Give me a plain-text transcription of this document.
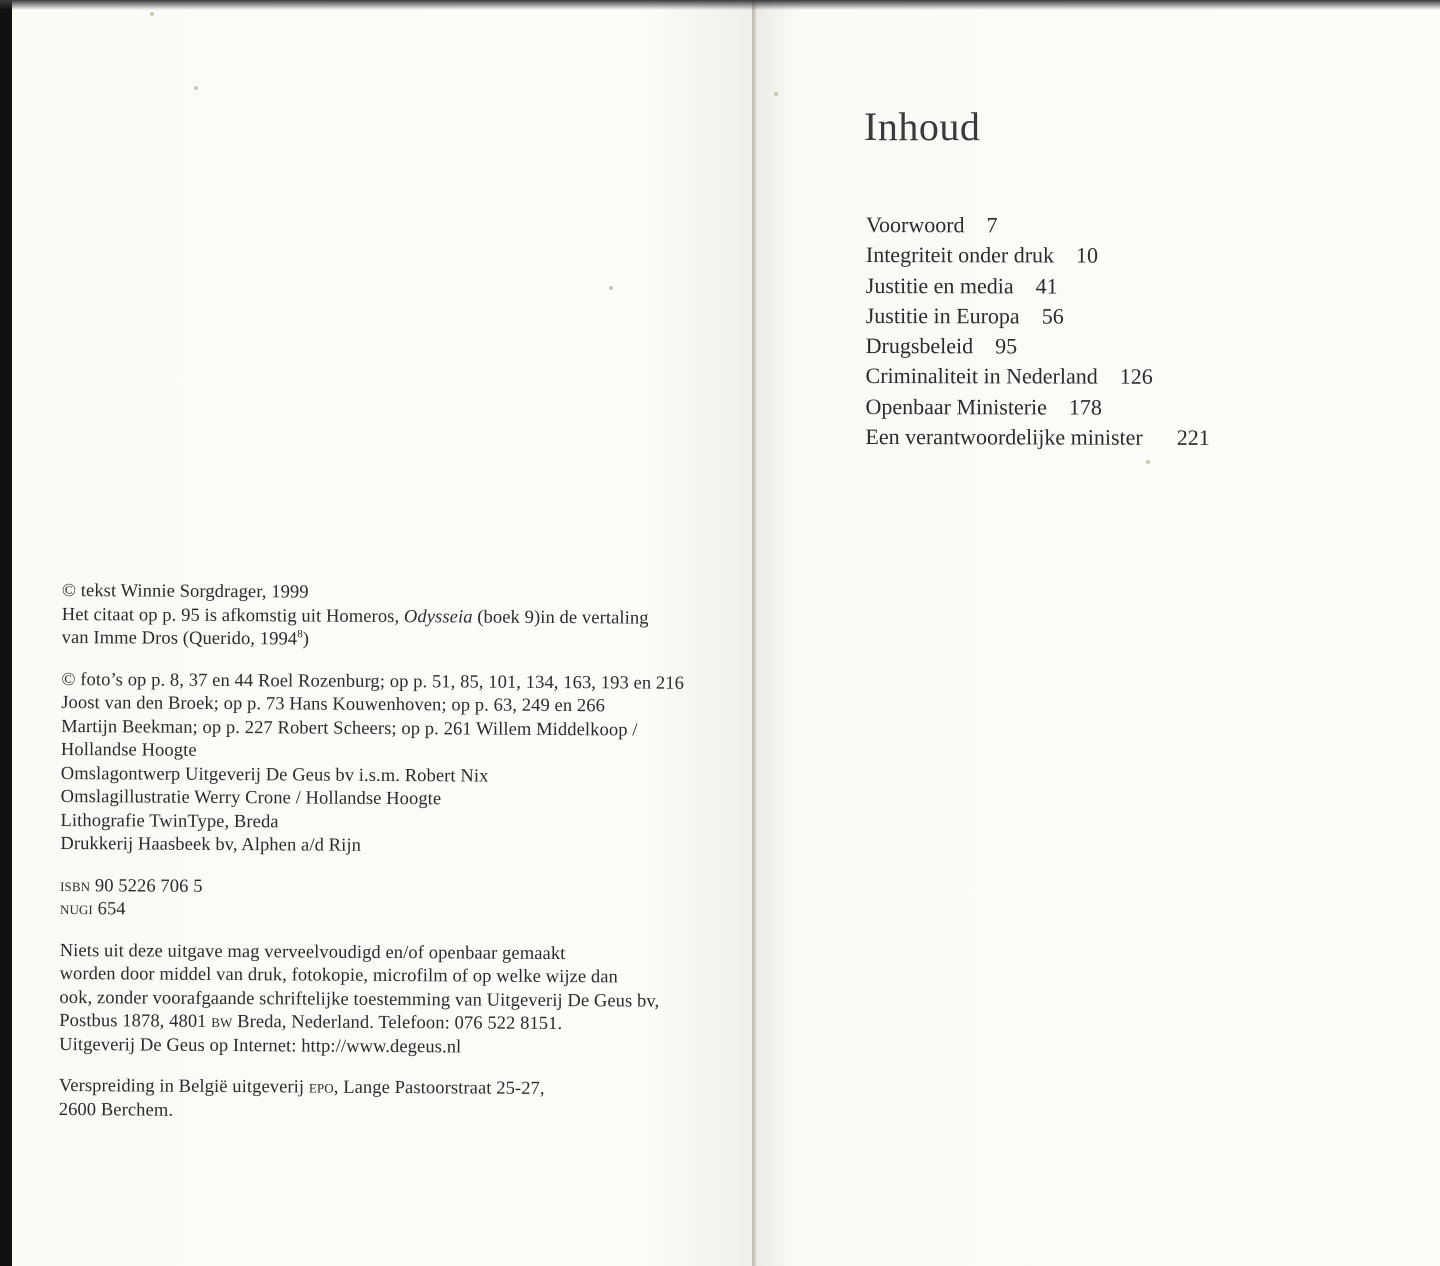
© tekst Winnie Sorgdrager, 1999
Het citaat op p. 95 is afkomstig uit Homeros, Odysseia (boek 9)in de vertaling
van Imme Dros (Querido, 1994$^8$)

© foto’s op p. 8, 37 en 44 Roel Rozenburg; op p. 51, 85, 101, 134, 163, 193 en 216
Joost van den Broek; op p. 73 Hans Kouwenhoven; op p. 63, 249 en 266
Martijn Beekman; op p. 227 Robert Scheers; op p. 261 Willem Middelkoop /
Hollandse Hoogte
Omslagontwerp Uitgeverij De Geus bv i.s.m. Robert Nix
Omslagillustratie Werry Crone / Hollandse Hoogte
Lithografie TwinType, Breda
Drukkerij Haasbeek bv, Alphen a/d Rijn

isbn 90 5226 706 5
nugi 654

Niets uit deze uitgave mag verveelvoudigd en/of openbaar gemaakt
worden door middel van druk, fotokopie, microfilm of op welke wijze dan
ook, zonder voorafgaande schriftelijke toestemming van Uitgeverij De Geus bv,
Postbus 1878, 4801 bw Breda, Nederland. Telefoon: 076 522 8151.
Uitgeverij De Geus op Internet: http://www.degeus.nl

Verspreiding in België uitgeverij epo, Lange Pastoorstraat 25-27,
2600 Berchem.

Inhoud
Voorwoord 7
Integriteit onder druk 10
Justitie en media 41
Justitie in Europa 56
Drugsbeleid 95
Criminaliteit in Nederland 126
Openbaar Ministerie 178
Een verantwoordelijke minister 221
